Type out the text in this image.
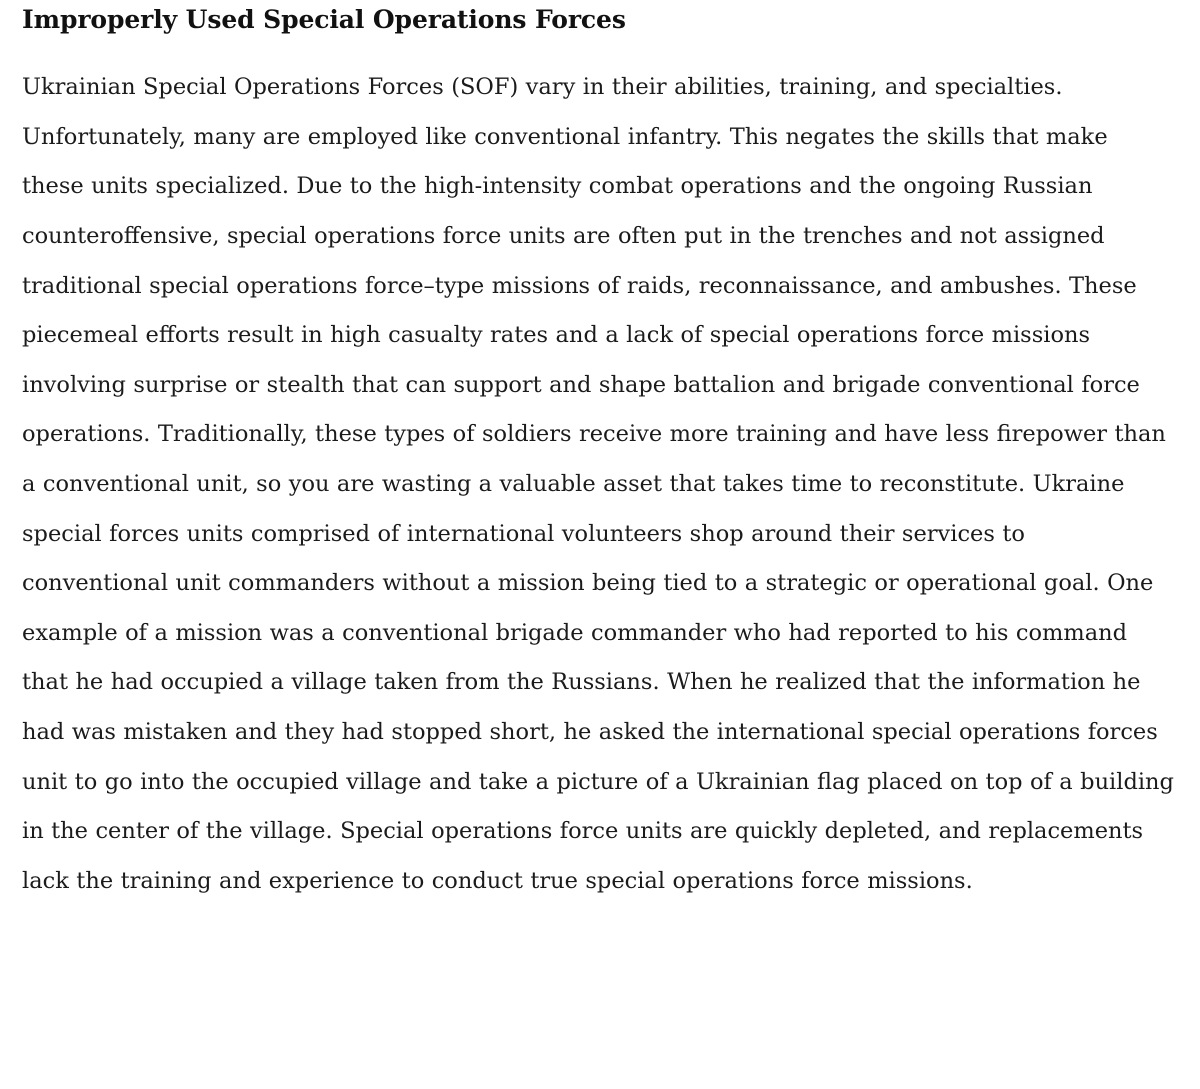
Improperly Used Special Operations Forces

Ukrainian Special Operations Forces (SOF) vary in their abilities, training, and specialties. Unfortunately, many are employed like conventional infantry. This negates the skills that make these units specialized. Due to the high-intensity combat operations and the ongoing Russian counteroffensive, special operations force units are often put in the trenches and not assigned traditional special operations force–type missions of raids, reconnaissance, and ambushes. These piecemeal efforts result in high casualty rates and a lack of special operations force missions involving surprise or stealth that can support and shape battalion and brigade conventional force operations. Traditionally, these types of soldiers receive more training and have less firepower than a conventional unit, so you are wasting a valuable asset that takes time to reconstitute. Ukraine special forces units comprised of international volunteers shop around their services to conventional unit commanders without a mission being tied to a strategic or operational goal. One example of a mission was a conventional brigade commander who had reported to his command that he had occupied a village taken from the Russians. When he realized that the information he had was mistaken and they had stopped short, he asked the international special operations forces unit to go into the occupied village and take a picture of a Ukrainian flag placed on top of a building in the center of the village. Special operations force units are quickly depleted, and replacements lack the training and experience to conduct true special operations force missions.
